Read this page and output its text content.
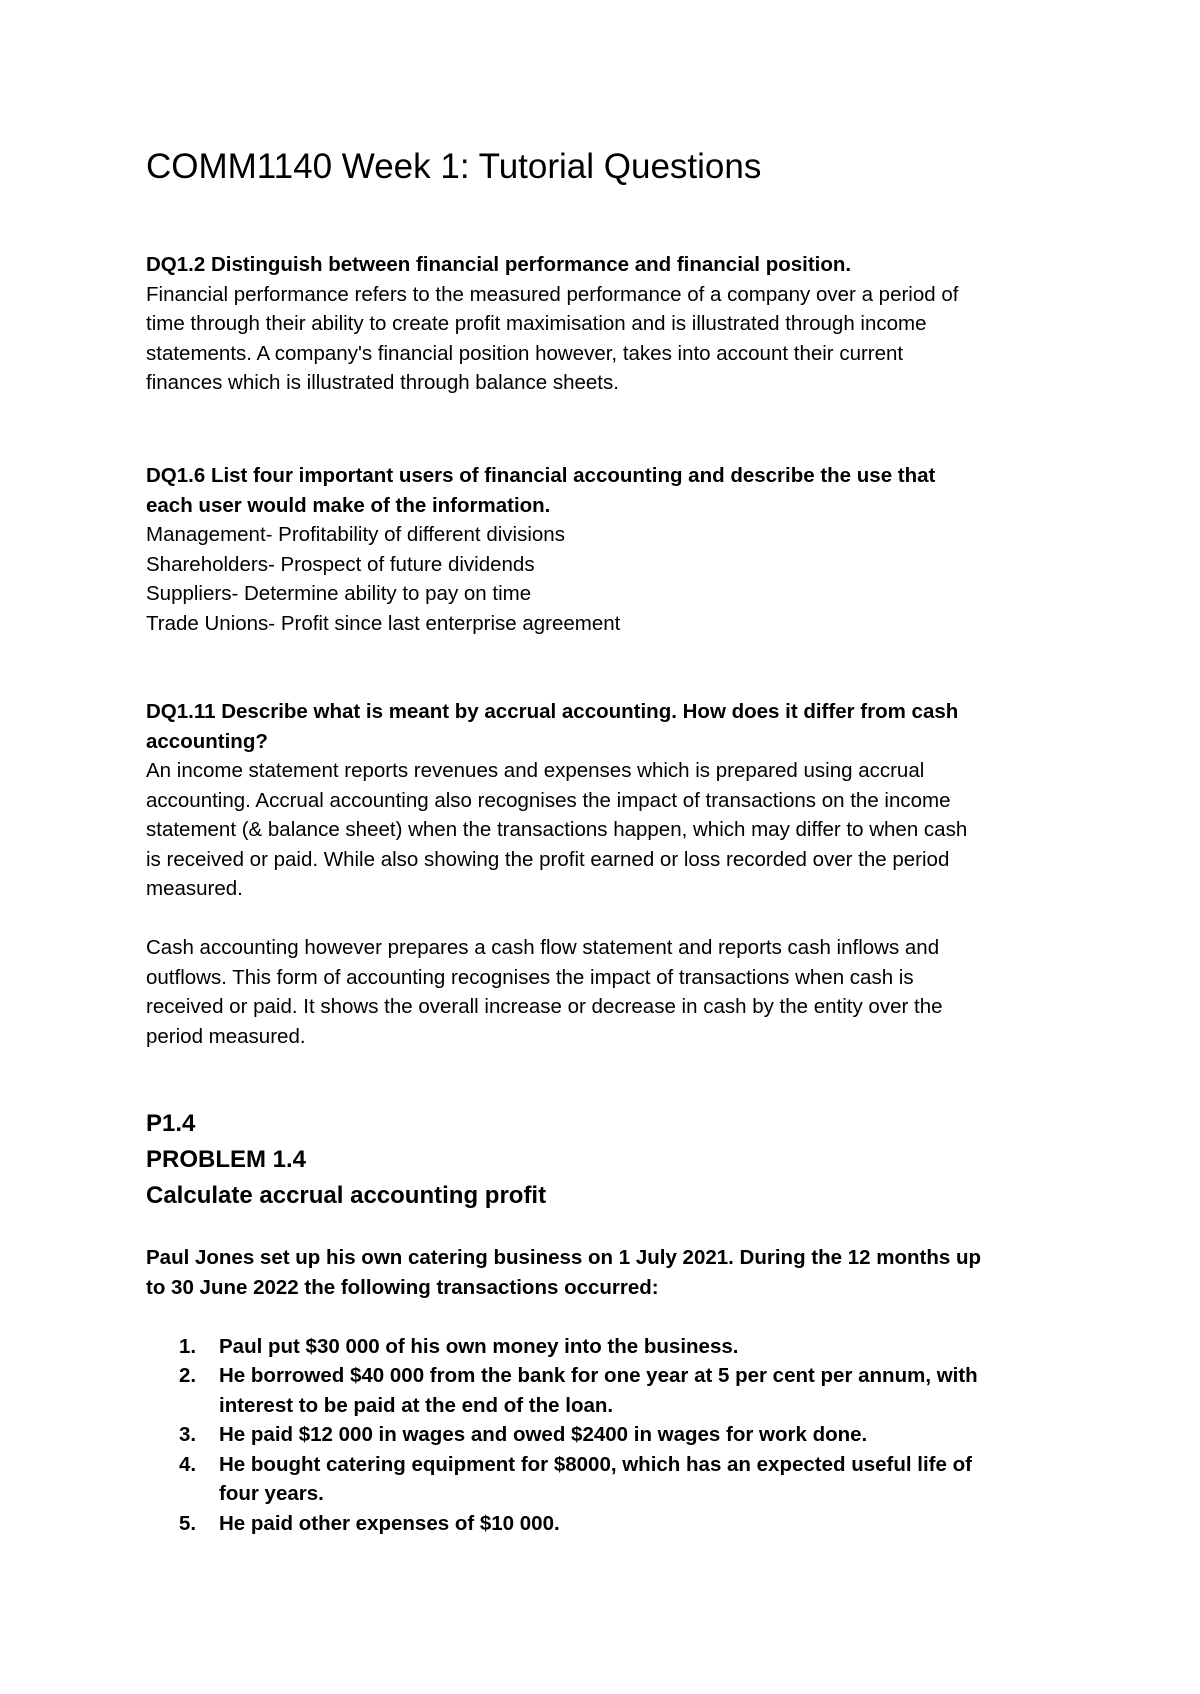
COMM1140 Week 1: Tutorial Questions

DQ1.2 Distinguish between financial performance and financial position.

Financial performance refers to the measured performance of a company over a period of
time through their ability to create profit maximisation and is illustrated through income
statements. A company's financial position however, takes into account their current
finances which is illustrated through balance sheets.

DQ1.6 List four important users of financial accounting and describe the use that
each user would make of the information.

Management- Profitability of different divisions
Shareholders- Prospect of future dividends
Suppliers- Determine ability to pay on time
Trade Unions- Profit since last enterprise agreement

DQ1.11 Describe what is meant by accrual accounting. How does it differ from cash
accounting?

An income statement reports revenues and expenses which is prepared using accrual
accounting. Accrual accounting also recognises the impact of transactions on the income
statement (& balance sheet) when the transactions happen, which may differ to when cash
is received or paid. While also showing the profit earned or loss recorded over the period
measured.

Cash accounting however prepares a cash flow statement and reports cash inflows and
outflows. This form of accounting recognises the impact of transactions when cash is
received or paid. It shows the overall increase or decrease in cash by the entity over the
period measured.

P1.4

PROBLEM 1.4

Calculate accrual accounting profit

Paul Jones set up his own catering business on 1 July 2021. During the 12 months up
to 30 June 2022 the following transactions occurred:

1. Paul put $30 000 of his own money into the business.
2. He borrowed $40 000 from the bank for one year at 5 per cent per annum, with
interest to be paid at the end of the loan.
3. He paid $12 000 in wages and owed $2400 in wages for work done.
4. He bought catering equipment for $8000, which has an expected useful life of
four years.
5. He paid other expenses of $10 000.
